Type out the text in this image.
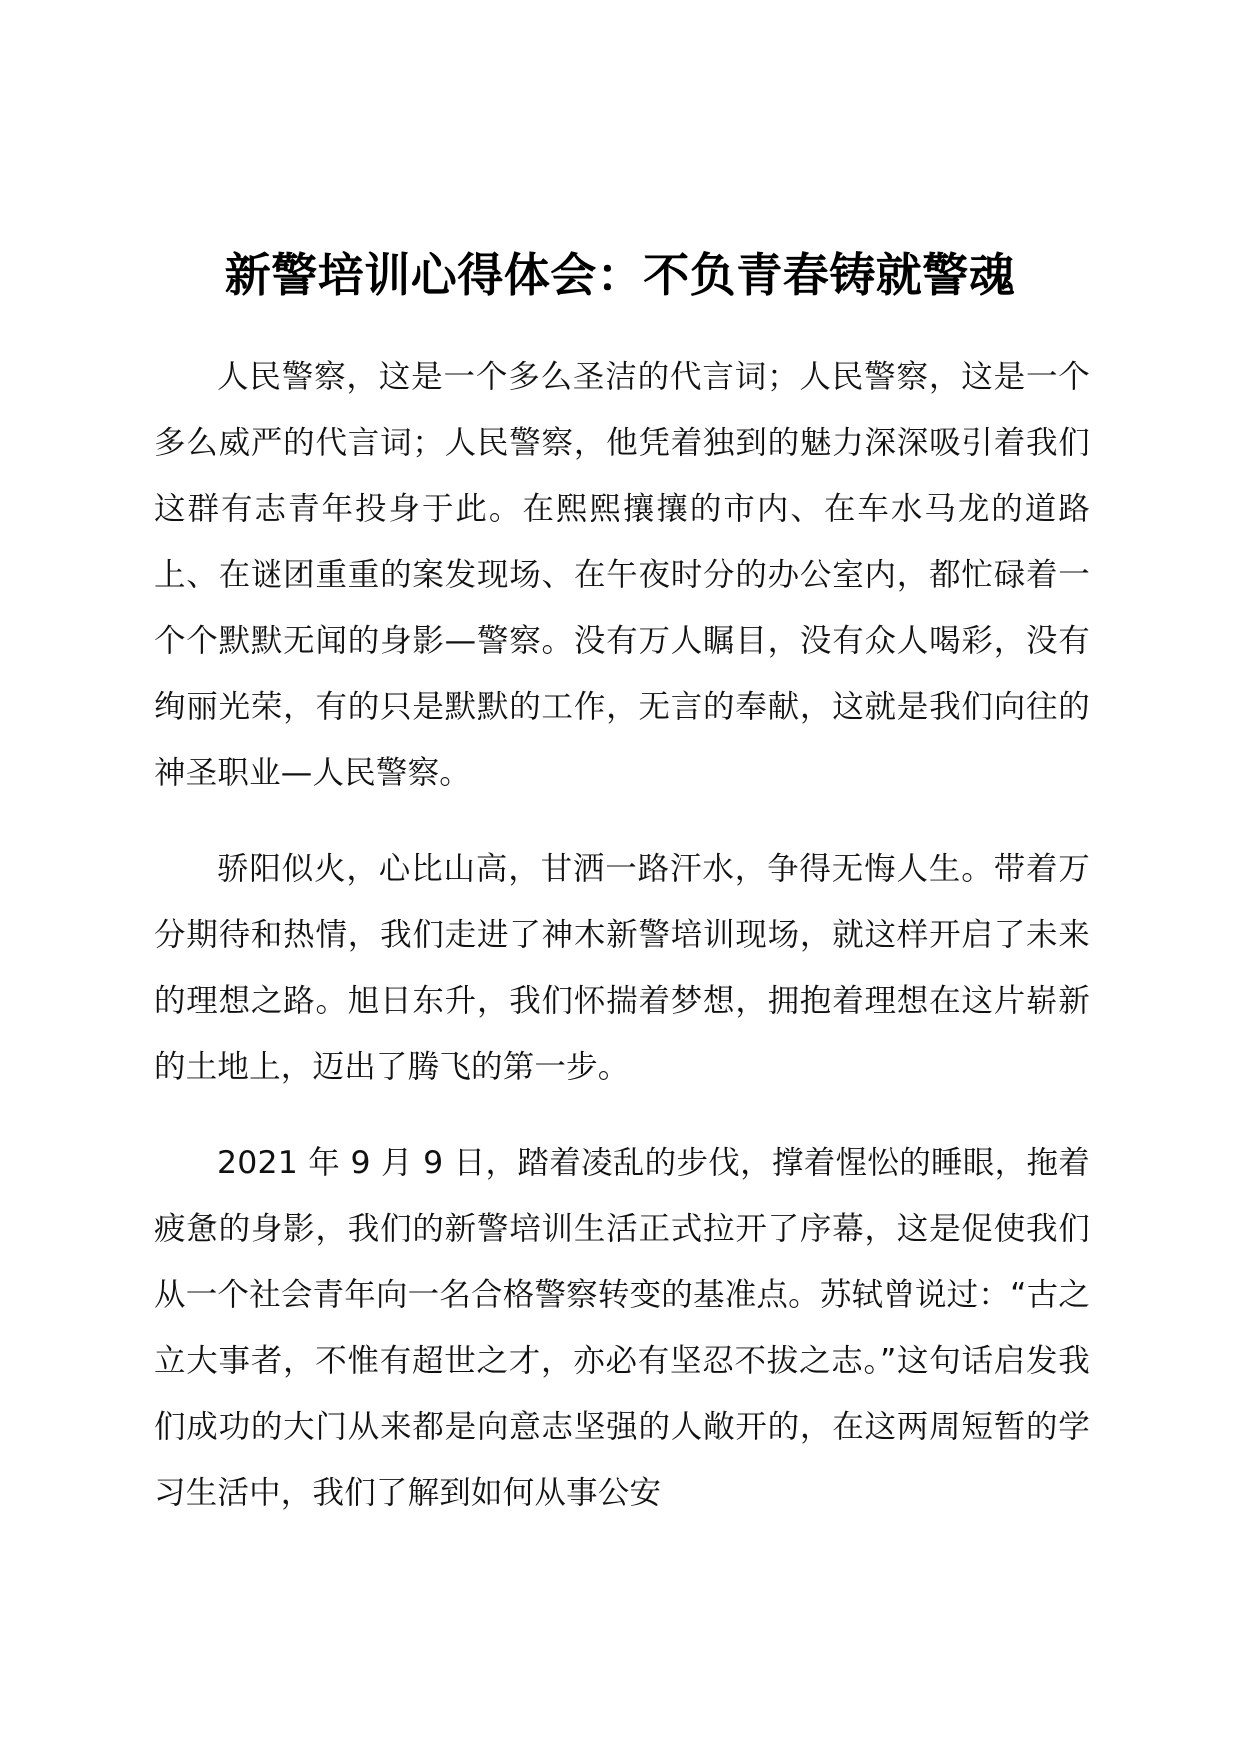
新警培训心得体会：不负青春铸就警魂

人民警察，这是一个多么圣洁的代言词；人民警察，这是一个多么威严的代言词；人民警察，他凭着独到的魅力深深吸引着我们这群有志青年投身于此。在熙熙攘攘的市内、在车水马龙的道路上、在谜团重重的案发现场、在午夜时分的办公室内，都忙碌着一个个默默无闻的身影—警察。没有万人瞩目，没有众人喝彩，没有绚丽光荣，有的只是默默的工作，无言的奉献，这就是我们向往的神圣职业—人民警察。

骄阳似火，心比山高，甘洒一路汗水，争得无悔人生。带着万分期待和热情，我们走进了神木新警培训现场，就这样开启了未来的理想之路。旭日东升，我们怀揣着梦想，拥抱着理想在这片崭新的土地上，迈出了腾飞的第一步。

2021 年 9 月 9 日，踏着凌乱的步伐，撑着惺忪的睡眼，拖着疲惫的身影，我们的新警培训生活正式拉开了序幕，这是促使我们从一个社会青年向一名合格警察转变的基准点。苏轼曾说过：“古之立大事者，不惟有超世之才，亦必有坚忍不拔之志。”这句话启发我们成功的大门从来都是向意志坚强的人敞开的，在这两周短暂的学习生活中，我们了解到如何从事公安
